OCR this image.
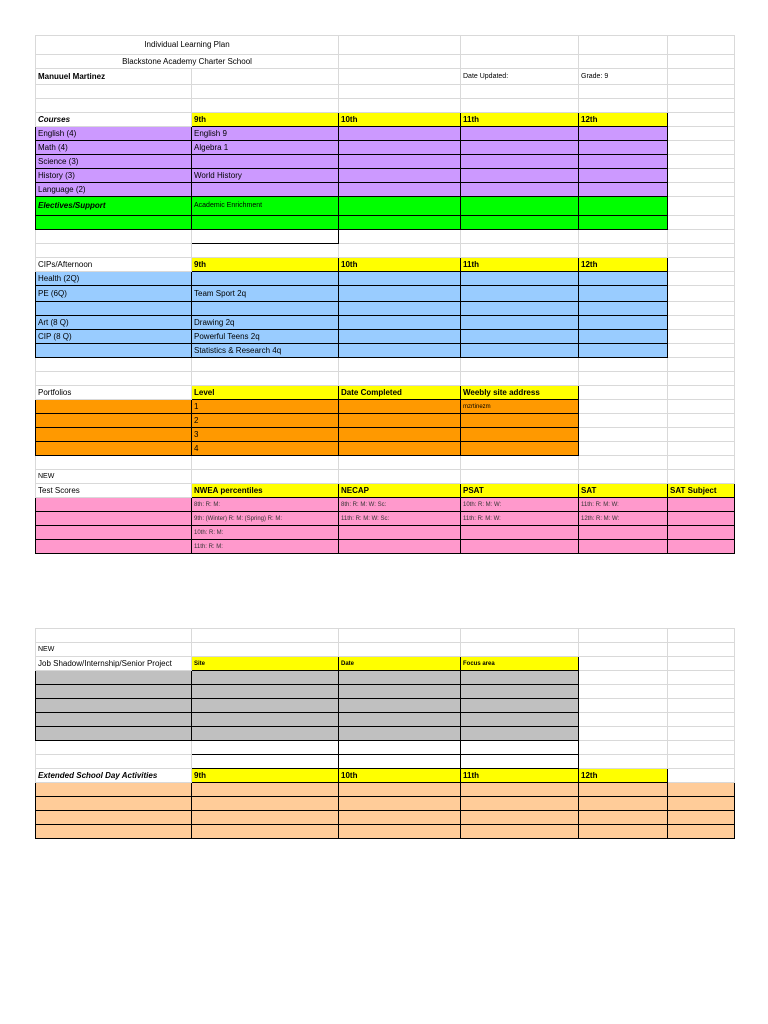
Individual Learning Plan					
Blackstone Academy Charter School					
Manuuel Martinez			Date Updated:	Grade: 9	

Courses	9th	10th	11th	12th	
English (4)	English 9				
Math (4)	Algebra 1				
Science (3)					
History (3)	World History				
Language (2)					
Electives/Support	Academic Enrichment				

CIPs/Afternoon	9th	10th	11th	12th	
Health (2Q)					
PE (6Q)	Team Sport 2q				

Art (8 Q)	Drawing 2q				
CIP (8 Q)	Powerful Teens 2q				
	Statistics & Research 4q				

Portfolios	Level	Date Completed	Weebly site address		
	1		mzrtinezm		
	2				
	3				
	4				

NEW					
Test Scores	NWEA percentiles	NECAP	PSAT	SAT	SAT Subject
	8th: R: M:	8th: R: M: W: Sc:	10th: R: M: W:	11th: R: M: W:	
	9th: (Winter) R: M: (Spring) R: M:	11th: R: M: W: Sc:	11th: R: M: W:	12th: R: M: W:	
	10th: R: M:				
	11th: R: M:				

NEW					
Job Shadow/Internship/Senior Project	Site	Date	Focus area		

Extended School Day Activities	9th	10th	11th	12th	
